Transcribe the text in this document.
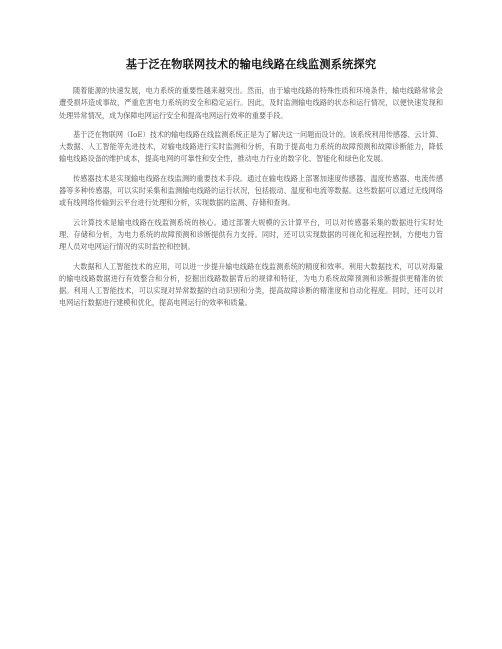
基于泛在物联网技术的输电线路在线监测系统探究

随着能源的快速发展，电力系统的重要性越来越突出。然而，由于输电线路的特殊性质和环境条件，输电线路常常会遭受损坏造成事故，严重危害电力系统的安全和稳定运行。因此，及时监测输电线路的状态和运行情况，以便快速发现和处理异常情况，成为保障电网运行安全和提高电网运行效率的重要手段。

基于泛在物联网（IoE）技术的输电线路在线监测系统正是为了解决这一问题而设计的。该系统利用传感器、云计算、大数据、人工智能等先进技术，对输电线路进行实时监测和分析，有助于提高电力系统的故障预测和故障诊断能力，降低输电线路设备的维护成本，提高电网的可靠性和安全性，推动电力行业的数字化、智能化和绿色化发展。

传感器技术是实现输电线路在线监测的重要技术手段。通过在输电线路上部署加速度传感器、温度传感器、电流传感器等多种传感器，可以实时采集和监测输电线路的运行状况，包括振动、温度和电流等数据。这些数据可以通过无线网络或有线网络传输到云平台进行处理和分析，实现数据的监测、存储和查询。

云计算技术是输电线路在线监测系统的核心。通过部署大规模的云计算平台，可以对传感器采集的数据进行实时处理、存储和分析，为电力系统的故障预测和诊断提供有力支持。同时，还可以实现数据的可视化和远程控制，方便电力管理人员对电网运行情况的实时监控和控制。

大数据和人工智能技术的应用，可以进一步提升输电线路在线监测系统的精度和效率。利用大数据技术，可以对海量的输电线路数据进行有效整合和分析，挖掘出线路数据背后的规律和特征，为电力系统故障预测和诊断提供更精准的依据。利用人工智能技术，可以实现对异常数据的自动识别和分类，提高故障诊断的精准度和自动化程度。同时，还可以对电网运行数据进行建模和优化，提高电网运行的效率和质量。
